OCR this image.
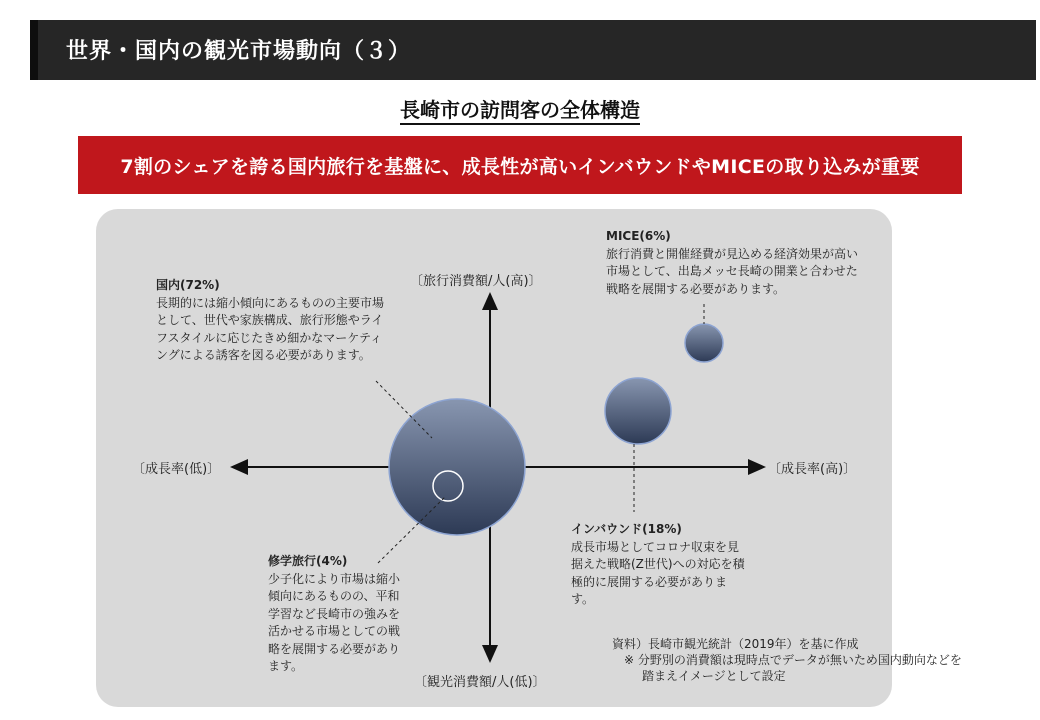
世界・国内の観光市場動向（３）
長崎市の訪問客の全体構造
7割のシェアを誇る国内旅行を基盤に、成長性が高いインバウンドやMICEの取り込みが重要
〔旅行消費額/人(高)〕
〔観光消費額/人(低)〕
〔成長率(低)〕	〔成長率(高)〕
国内(72%)
長期的には縮小傾向にあるものの主要市場として、世代や家族構成、旅行形態やライフスタイルに応じたきめ細かなマーケティングによる誘客を図る必要があります。
MICE(6%)
旅行消費と開催経費が見込める経済効果が高い市場として、出島メッセ長崎の開業と合わせた戦略を展開する必要があります。
インバウンド(18%)
成長市場としてコロナ収束を見据えた戦略(Z世代)への対応を積極的に展開する必要があります。
修学旅行(4%)
少子化により市場は縮小傾向にあるものの、平和学習など長崎市の強みを活かせる市場としての戦略を展開する必要があります。
資料）長崎市観光統計（2019年）を基に作成
※ 分野別の消費額は現時点でデータが無いため国内動向などを
踏まえイメージとして設定
